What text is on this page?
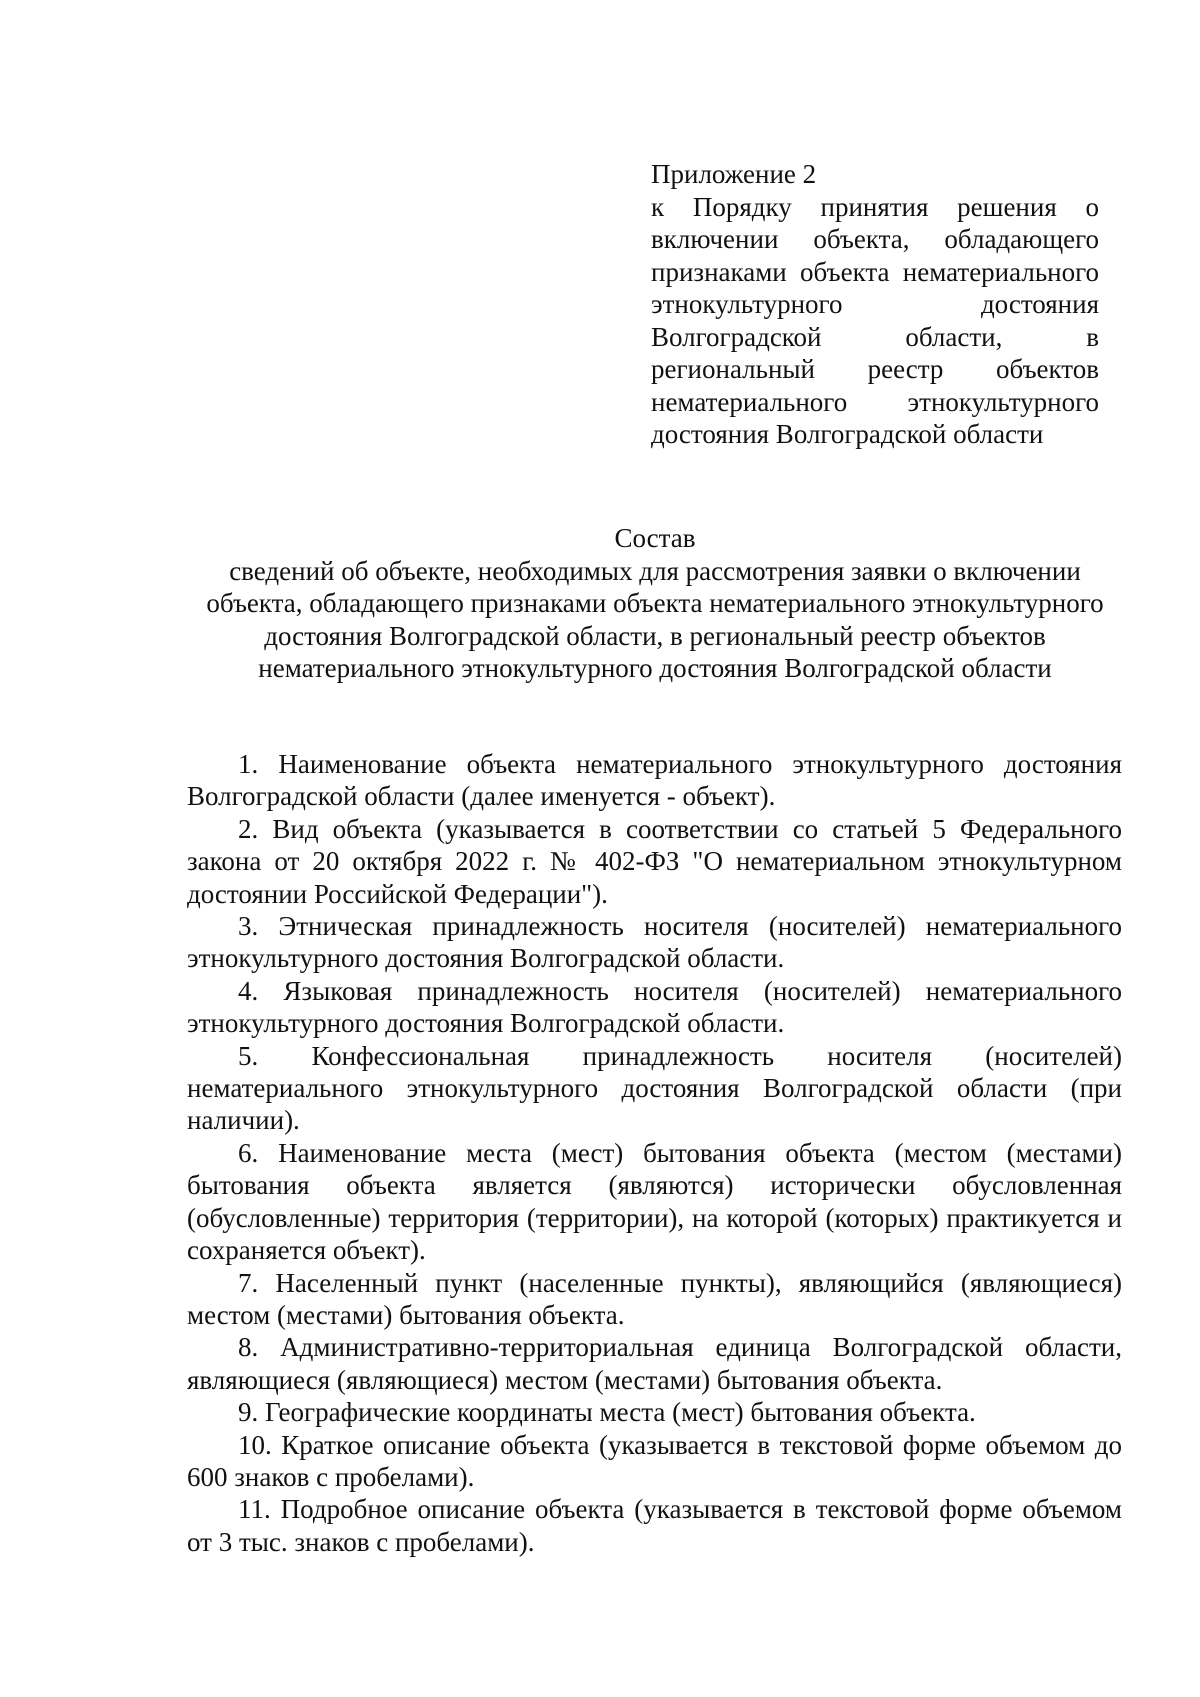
Приложение 2
к Порядку принятия решения о включении объекта, обладающего признаками объекта нематериального этнокультурного достояния Волгоградской области, в региональный реестр объектов нематериального этнокультурного достояния Волгоградской области
Состав
сведений об объекте, необходимых для рассмотрения заявки о включении объекта, обладающего признаками объекта нематериального этнокультурного достояния Волгоградской области, в региональный реестр объектов нематериального этнокультурного достояния Волгоградской области

1. Наименование объекта нематериального этнокультурного достояния Волгоградской области (далее именуется - объект).

2. Вид объекта (указывается в соответствии со статьей 5 Федерального закона от 20 октября 2022 г. № 402-ФЗ "О нематериальном этнокультурном достоянии Российской Федерации").

3. Этническая принадлежность носителя (носителей) нематериального этнокультурного достояния Волгоградской области.

4. Языковая принадлежность носителя (носителей) нематериального этнокультурного достояния Волгоградской области.

5. Конфессиональная принадлежность носителя (носителей) нематериального этнокультурного достояния Волгоградской области (при наличии).

6. Наименование места (мест) бытования объекта (местом (местами) бытования объекта является (являются) исторически обусловленная (обусловленные) территория (территории), на которой (которых) практикуется и сохраняется объект).

7. Населенный пункт (населенные пункты), являющийся (являющиеся) местом (местами) бытования объекта.

8. Административно-территориальная единица Волгоградской области, являющиеся (являющиеся) местом (местами) бытования объекта.

9. Географические координаты места (мест) бытования объекта.

10. Краткое описание объекта (указывается в текстовой форме объемом до 600 знаков с пробелами).

11. Подробное описание объекта (указывается в текстовой форме объемом от 3 тыс. знаков с пробелами).
